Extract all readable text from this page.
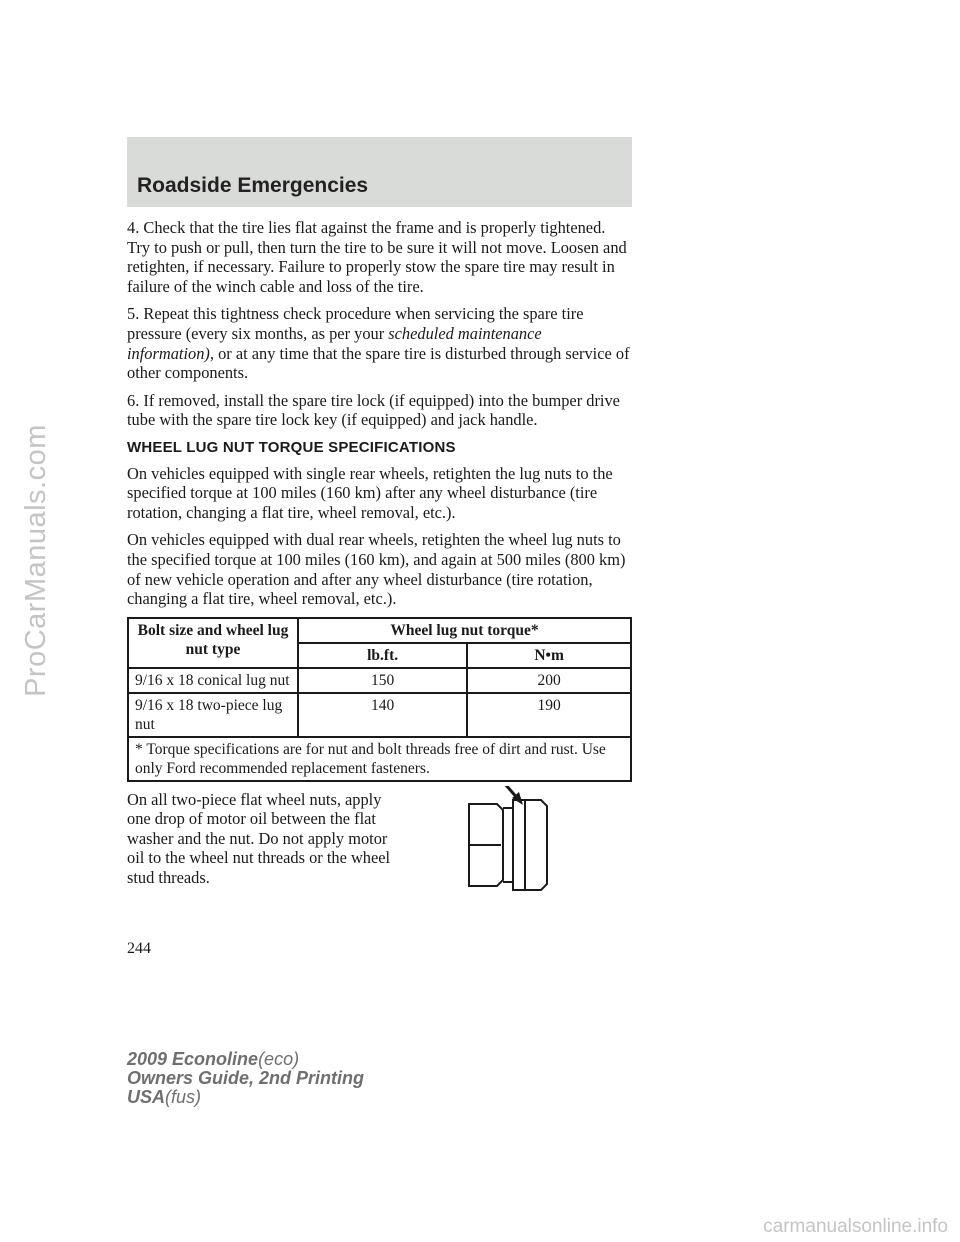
ProCarManuals.com
Roadside Emergencies

4. Check that the tire lies flat against the frame and is properly tightened. Try to push or pull, then turn the tire to be sure it will not move. Loosen and retighten, if necessary. Failure to properly stow the spare tire may result in failure of the winch cable and loss of the tire.

5. Repeat this tightness check procedure when servicing the spare tire pressure (every six months, as per your scheduled maintenance information), or at any time that the spare tire is disturbed through service of other components.

6. If removed, install the spare tire lock (if equipped) into the bumper drive tube with the spare tire lock key (if equipped) and jack handle.

WHEEL LUG NUT TORQUE SPECIFICATIONS

On vehicles equipped with single rear wheels, retighten the lug nuts to the specified torque at 100 miles (160 km) after any wheel disturbance (tire rotation, changing a flat tire, wheel removal, etc.).

On vehicles equipped with dual rear wheels, retighten the wheel lug nuts to the specified torque at 100 miles (160 km), and again at 500 miles (800 km) of new vehicle operation and after any wheel disturbance (tire rotation, changing a flat tire, wheel removal, etc.).

Bolt size and wheel lug nut type	Wheel lug nut torque*	
	lb.ft.	N•m
9/16 x 18 conical lug nut	150	200
9/16 x 18 two-piece lug nut	140	190
* Torque specifications are for nut and bolt threads free of dirt and rust. Use only Ford recommended replacement fasteners.		

On all two-piece flat wheel nuts, apply one drop of motor oil between the flat washer and the nut. Do not apply motor oil to the wheel nut threads or the wheel stud threads.

244
2009 Econoline(eco)
Owners Guide, 2nd Printing
USA(fus)
carmanualsonline.info
